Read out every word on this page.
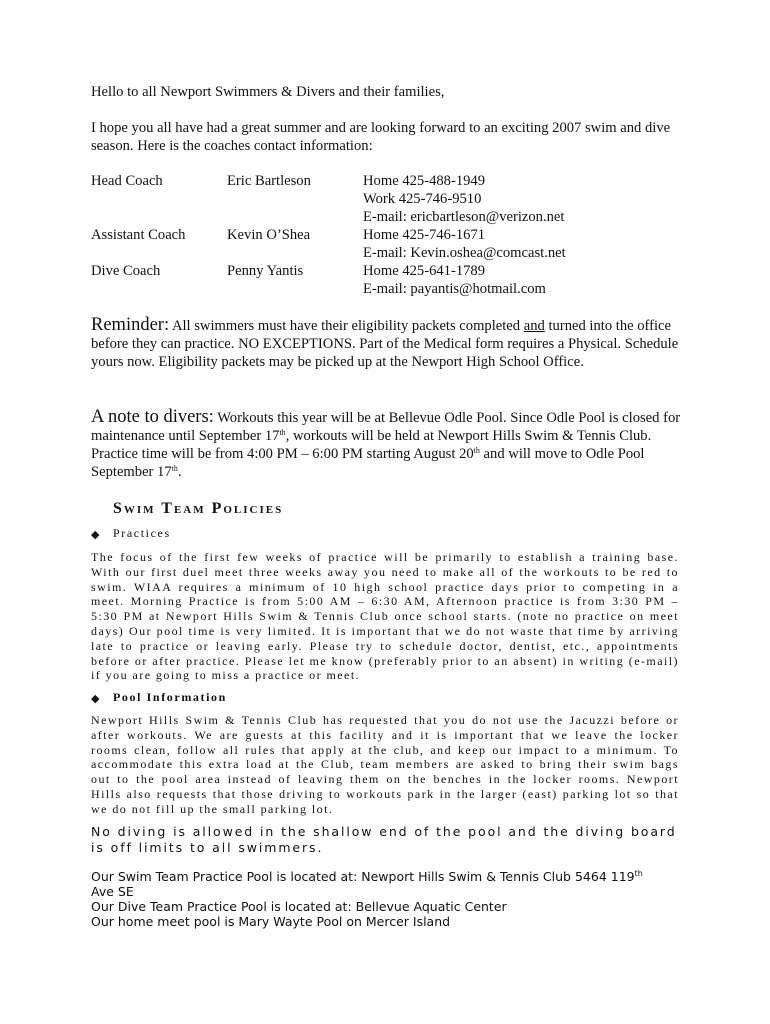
Hello to all Newport Swimmers & Divers and their families,
I hope you all have had a great summer and are looking forward to an exciting 2007 swim and dive season. Here is the coaches contact information:
Head Coach	Eric Bartleson	Home 425-488-1949
Work 425-746-9510
E-mail: ericbartleson@verizon.net
Assistant Coach	Kevin O’Shea	Home 425-746-1671
E-mail: Kevin.oshea@comcast.net
Dive Coach	Penny Yantis	Home 425-641-1789
E-mail: payantis@hotmail.com
Reminder: All swimmers must have their eligibility packets completed and turned into the office before they can practice. NO EXCEPTIONS. Part of the Medical form requires a Physical. Schedule yours now. Eligibility packets may be picked up at the Newport High School Office.
A note to divers: Workouts this year will be at Bellevue Odle Pool. Since Odle Pool is closed for maintenance until September 17th, workouts will be held at Newport Hills Swim & Tennis Club. Practice time will be from 4:00 PM – 6:00 PM starting August 20th and will move to Odle Pool September 17th.
Swim Team Policies
◆ Practices
The focus of the first few weeks of practice will be primarily to establish a training base. With our first duel meet three weeks away you need to make all of the workouts to be red to swim. WIAA requires a minimum of 10 high school practice days prior to competing in a meet. Morning Practice is from 5:00 AM – 6:30 AM, Afternoon practice is from 3:30 PM – 5:30 PM at Newport Hills Swim & Tennis Club once school starts. (note no practice on meet days) Our pool time is very limited. It is important that we do not waste that time by arriving late to practice or leaving early. Please try to schedule doctor, dentist, etc., appointments before or after practice. Please let me know (preferably prior to an absent) in writing (e-mail) if you are going to miss a practice or meet.
◆ Pool Information
Newport Hills Swim & Tennis Club has requested that you do not use the Jacuzzi before or after workouts. We are guests at this facility and it is important that we leave the locker rooms clean, follow all rules that apply at the club, and keep our impact to a minimum. To accommodate this extra load at the Club, team members are asked to bring their swim bags out to the pool area instead of leaving them on the benches in the locker rooms. Newport Hills also requests that those driving to workouts park in the larger (east) parking lot so that we do not fill up the small parking lot.
No diving is allowed in the shallow end of the pool and the diving board is off limits to all swimmers.
Our Swim Team Practice Pool is located at: Newport Hills Swim & Tennis Club 5464 119th
Ave SE
Our Dive Team Practice Pool is located at: Bellevue Aquatic Center
Our home meet pool is Mary Wayte Pool on Mercer Island
